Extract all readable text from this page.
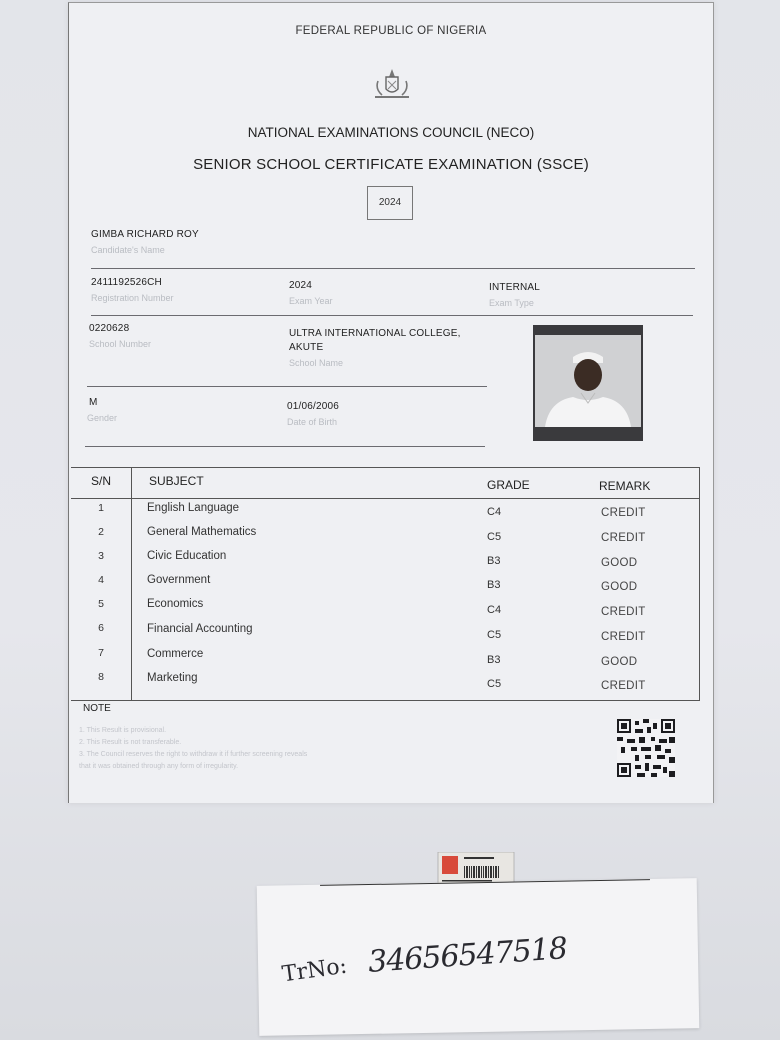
FEDERAL REPUBLIC OF NIGERIA
NATIONAL EXAMINATIONS COUNCIL (NECO)
SENIOR SCHOOL CERTIFICATE EXAMINATION (SSCE)
2024
GIMBA RICHARD ROY
Candidate's Name
2411192526CH
Registration Number
2024
Exam Year
INTERNAL
Exam Type
0220628
School Number
ULTRA INTERNATIONAL COLLEGE,
AKUTE
School Name
M
Gender
01/06/2006
Date of Birth
S/N	SUBJECT	GRADE	REMARK
1	English Language	C4	CREDIT
2	General Mathematics	C5	CREDIT
3	Civic Education	B3	GOOD
4	Government	B3	GOOD
5	Economics	C4	CREDIT
6	Financial Accounting	C5	CREDIT
7	Commerce	B3	GOOD
8	Marketing	C5	CREDIT
NOTE
1. This Result is provisional.
2. This Result is not transferable.
3. The Council reserves the right to withdraw it if further screening reveals
that it was obtained through any form of irregularity.
TrNo: 34656547518
